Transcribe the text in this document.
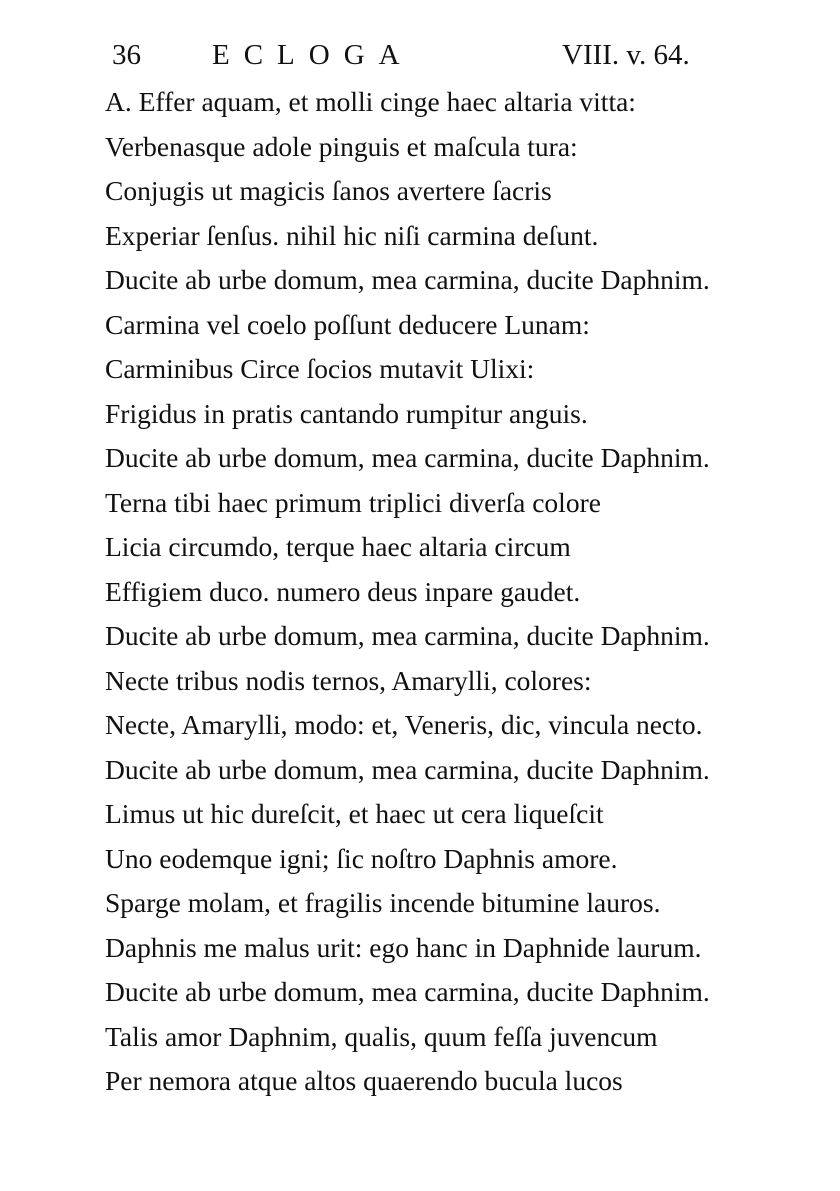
36 ECLOGA	VIII. v. 64.
A. Effer aquam, et molli cinge haec altaria vitta:
Verbenasque adole pinguis et maſcula tura:
Conjugis ut magicis ſanos avertere ſacris
Experiar ſenſus. nihil hic niſi carmina deſunt.
Ducite ab urbe domum, mea carmina, ducite Daphnim.
Carmina vel coelo poſſunt deducere Lunam:
Carminibus Circe ſocios mutavit Ulixi:
Frigidus in pratis cantando rumpitur anguis.
Ducite ab urbe domum, mea carmina, ducite Daphnim.
Terna tibi haec primum triplici diverſa colore
Licia circumdo, terque haec altaria circum
Effigiem duco. numero deus inpare gaudet.
Ducite ab urbe domum, mea carmina, ducite Daphnim.
Necte tribus nodis ternos, Amarylli, colores:
Necte, Amarylli, modo: et, Veneris, dic, vincula necto.
Ducite ab urbe domum, mea carmina, ducite Daphnim.
Limus ut hic dureſcit, et haec ut cera liqueſcit
Uno eodemque igni; ſic noſtro Daphnis amore.
Sparge molam, et fragilis incende bitumine lauros.
Daphnis me malus urit: ego hanc in Daphnide laurum.
Ducite ab urbe domum, mea carmina, ducite Daphnim.
Talis amor Daphnim, qualis, quum feſſa juvencum
Per nemora atque altos quaerendo bucula lucos
